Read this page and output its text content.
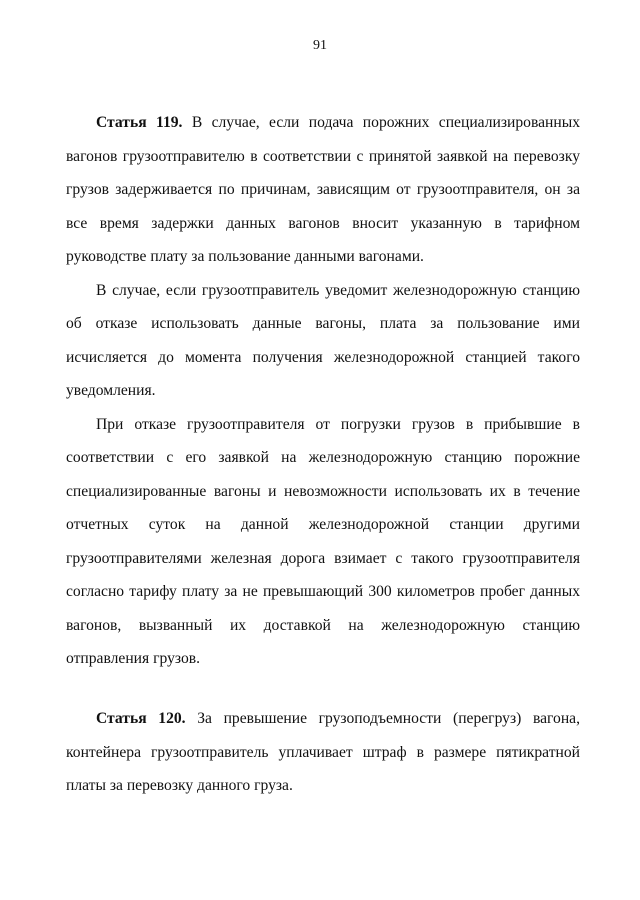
91

Статья 119. В случае, если подача порожних специализированных вагонов грузоотправителю в соответствии с принятой заявкой на перевозку грузов задерживается по причинам, зависящим от грузоотправителя, он за все время задержки данных вагонов вносит указанную в тарифном руководстве плату за пользование данными вагонами.

В случае, если грузоотправитель уведомит железнодорожную станцию об отказе использовать данные вагоны, плата за пользование ими исчисляется до момента получения железнодорожной станцией такого уведомления.

При отказе грузоотправителя от погрузки грузов в прибывшие в соответствии с его заявкой на железнодорожную станцию порожние специализированные вагоны и невозможности использовать их в течение отчетных суток на данной железнодорожной станции другими грузоотправителями железная дорога взимает с такого грузоотправителя согласно тарифу плату за не превышающий 300 километров пробег данных вагонов, вызванный их доставкой на железнодорожную станцию отправления грузов.

Статья 120. За превышение грузоподъемности (перегруз) вагона, контейнера грузоотправитель уплачивает штраф в размере пятикратной платы за перевозку данного груза.
